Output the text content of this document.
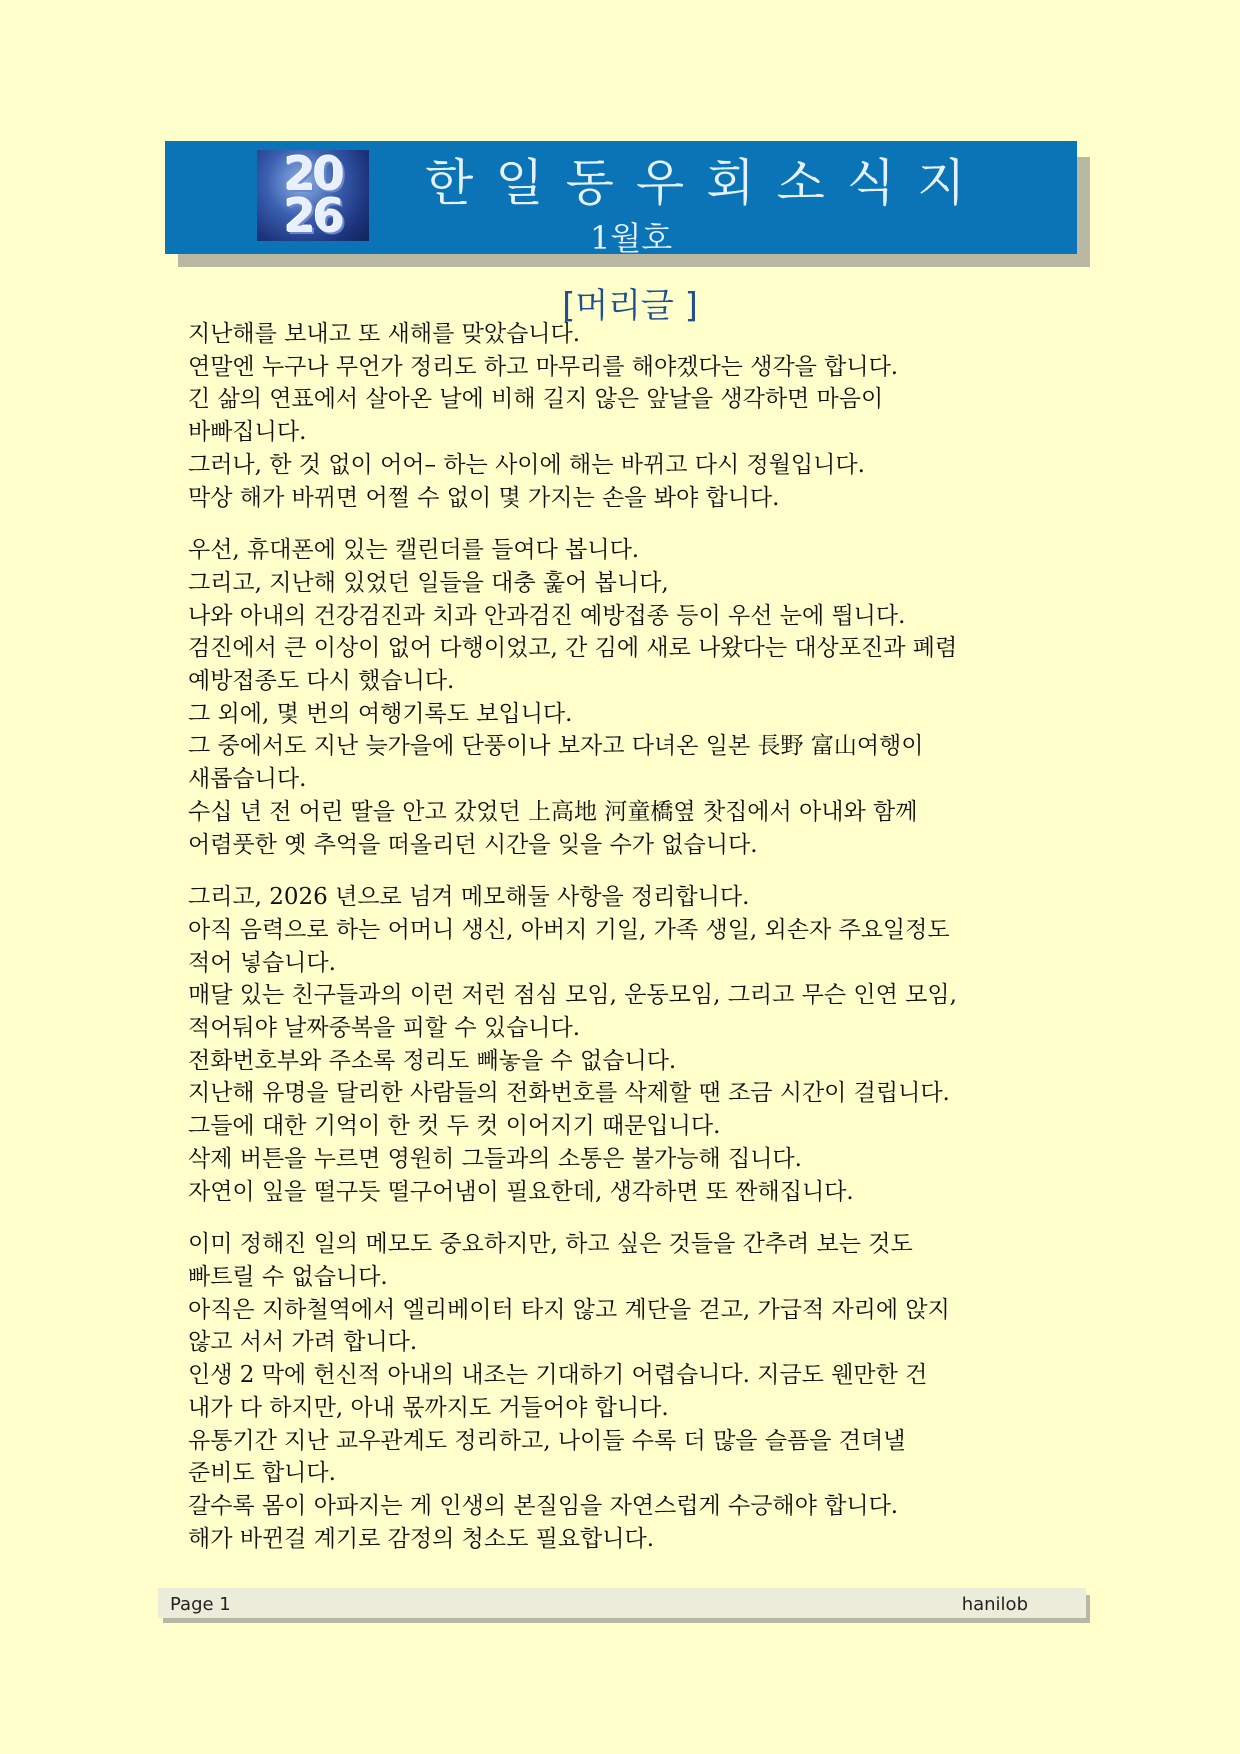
20
26
한일동우회소식지
1월호
[머리글 ]

지난해를 보내고 또 새해를 맞았습니다.

연말엔 누구나 무언가 정리도 하고 마무리를 해야겠다는 생각을 합니다.

긴 삶의 연표에서 살아온 날에 비해 길지 않은 앞날을 생각하면 마음이

바빠집니다.

그러나, 한 것 없이 어어– 하는 사이에 해는 바뀌고 다시 정월입니다.

막상 해가 바뀌면 어쩔 수 없이 몇 가지는 손을 봐야 합니다.

우선, 휴대폰에 있는 캘린더를 들여다 봅니다.

그리고, 지난해 있었던 일들을 대충 훑어 봅니다,

나와 아내의 건강검진과 치과 안과검진 예방접종 등이 우선 눈에 띕니다.

검진에서 큰 이상이 없어 다행이었고, 간 김에 새로 나왔다는 대상포진과 폐렴

예방접종도 다시 했습니다.

그 외에, 몇 번의 여행기록도 보입니다.

그 중에서도 지난 늦가을에 단풍이나 보자고 다녀온 일본 長野 富山여행이

새롭습니다.

수십 년 전 어린 딸을 안고 갔었던 上高地 河童橋옆 찻집에서 아내와 함께

어렴풋한 옛 추억을 떠올리던 시간을 잊을 수가 없습니다.

그리고, 2026 년으로 넘겨 메모해둘 사항을 정리합니다.

아직 음력으로 하는 어머니 생신, 아버지 기일, 가족 생일, 외손자 주요일정도

적어 넣습니다.

매달 있는 친구들과의 이런 저런 점심 모임, 운동모임, 그리고 무슨 인연 모임,

적어둬야 날짜중복을 피할 수 있습니다.

전화번호부와 주소록 정리도 빼놓을 수 없습니다.

지난해 유명을 달리한 사람들의 전화번호를 삭제할 땐 조금 시간이 걸립니다.

그들에 대한 기억이 한 컷 두 컷 이어지기 때문입니다.

삭제 버튼을 누르면 영원히 그들과의 소통은 불가능해 집니다.

자연이 잎을 떨구듯 떨구어냄이 필요한데, 생각하면 또 짠해집니다.

이미 정해진 일의 메모도 중요하지만, 하고 싶은 것들을 간추려 보는 것도

빠트릴 수 없습니다.

아직은 지하철역에서 엘리베이터 타지 않고 계단을 걷고, 가급적 자리에 앉지

않고 서서 가려 합니다.

인생 2 막에 헌신적 아내의 내조는 기대하기 어렵습니다. 지금도 웬만한 건

내가 다 하지만, 아내 몫까지도 거들어야 합니다.

유통기간 지난 교우관계도 정리하고, 나이들 수록 더 많을 슬픔을 견뎌낼

준비도 합니다.

갈수록 몸이 아파지는 게 인생의 본질임을 자연스럽게 수긍해야 합니다.

해가 바뀐걸 계기로 감정의 청소도 필요합니다.

Page 1	hanilob
